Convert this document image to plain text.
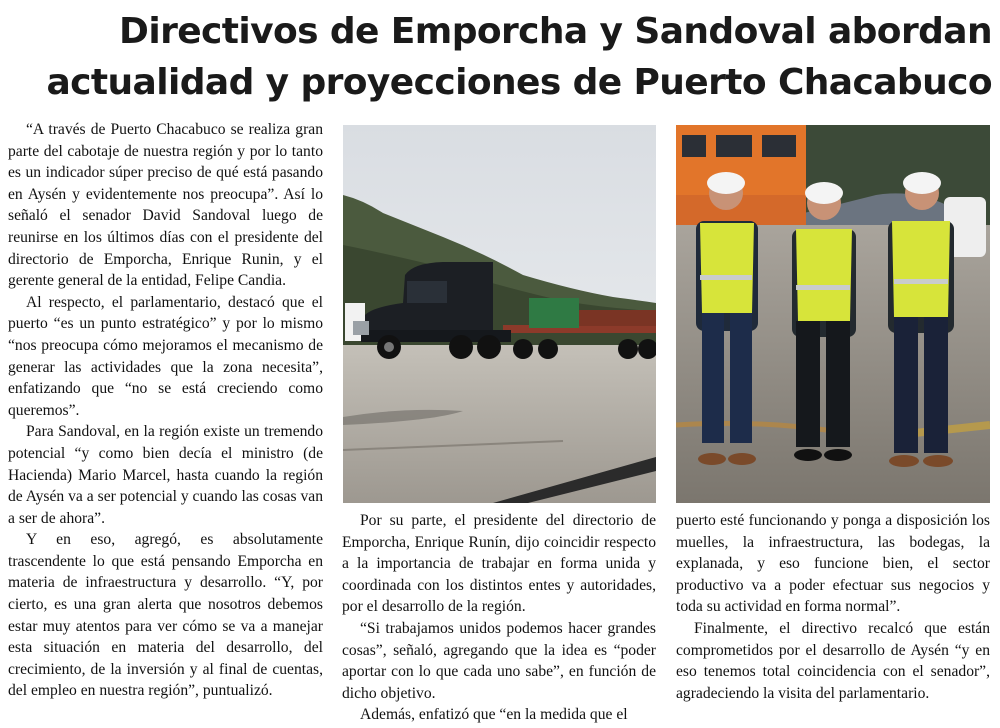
Directivos de Emporcha y Sandoval abordan
actualidad y proyecciones de Puerto Chacabuco

“A través de Puerto Chacabuco se realiza gran parte del cabotaje de nuestra región y por lo tanto es un indicador súper preciso de qué está pasando en Aysén y evidentemente nos preocupa”. Así lo señaló el senador David Sandoval luego de reunirse en los últimos días con el presidente del directorio de Emporcha, Enrique Runin, y el gerente general de la entidad, Felipe Candia.

Al respecto, el parlamentario, destacó que el puerto “es un punto estratégico” y por lo mismo “nos preocupa cómo mejoramos el mecanismo de generar las actividades que la zona necesita”, enfatizando que “no se está creciendo como queremos”.

Para Sandoval, en la región existe un tremendo potencial “y como bien decía el ministro (de Hacienda) Mario Marcel, hasta cuando la región de Aysén va a ser potencial y cuando las cosas van a ser de ahora”.

Y en eso, agregó, es absolutamente trascendente lo que está pensando Emporcha en materia de infraestructura y desarrollo. “Y, por cierto, es una gran alerta que nosotros debemos estar muy atentos para ver cómo se va a manejar esta situación en materia del desarrollo, del crecimiento, de la inversión y al final de cuentas, del empleo en nuestra región”, puntualizó.

Por su parte, el presidente del directorio de Emporcha, Enrique Runín, dijo coincidir respecto a la importancia de trabajar en forma unida y coordinada con los distintos entes y autoridades, por el desarrollo de la región.

“Si trabajamos unidos podemos hacer grandes cosas”, señaló, agregando que la idea es “poder aportar con lo que cada uno sabe”, en función de dicho objetivo.

Además, enfatizó que “en la medida que el

puerto esté funcionando y ponga a disposición los muelles, la infraestructura, las bodegas, la explanada, y eso funcione bien, el sector productivo va a poder efectuar sus negocios y toda su actividad en forma normal”.

Finalmente, el directivo recalcó que están comprometidos por el desarrollo de Aysén “y en eso tenemos total coincidencia con el senador”, agradeciendo la visita del parlamentario.
